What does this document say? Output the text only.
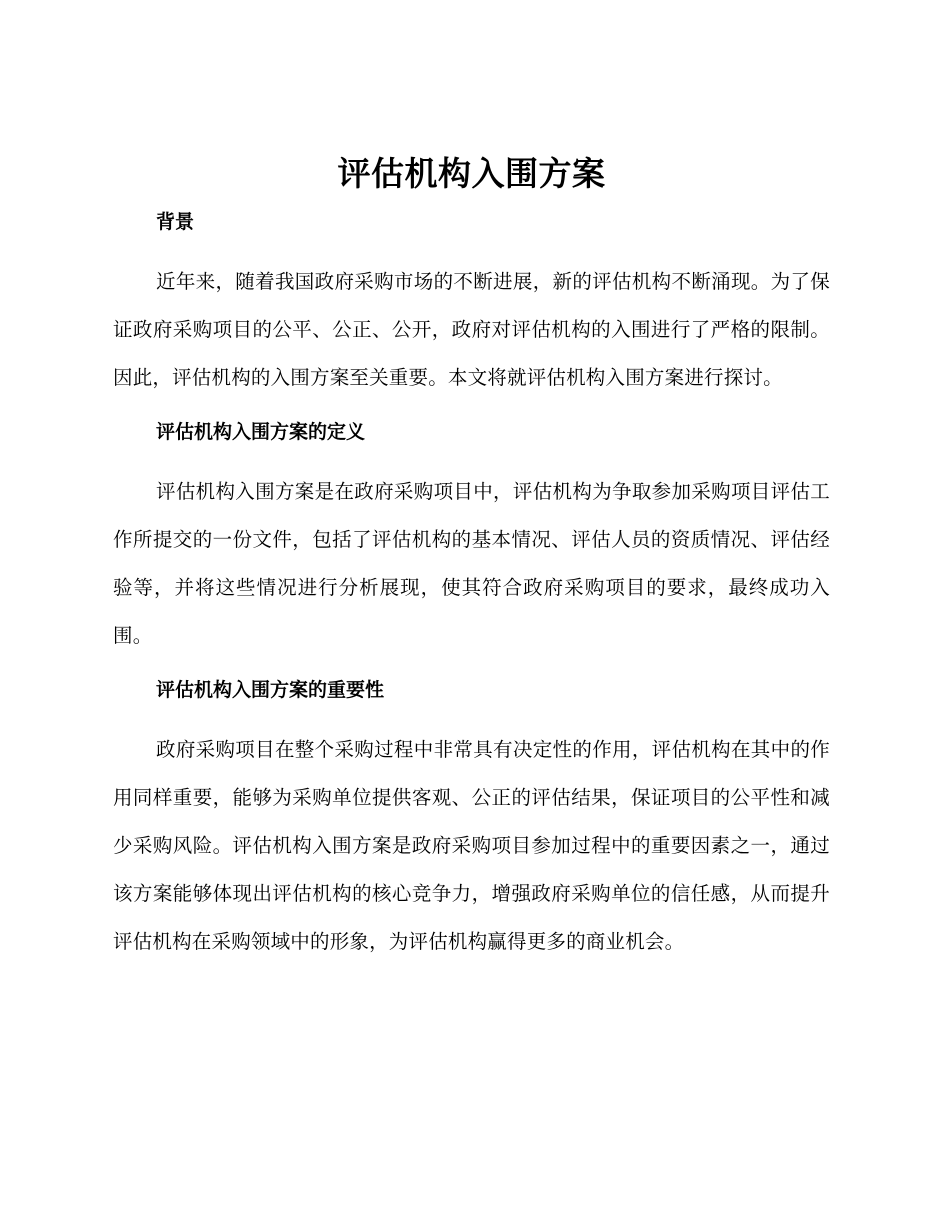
评估机构入围方案
背景

近年来，随着我国政府采购市场的不断进展，新的评估机构不断涌现。为了保证政府采购项目的公平、公正、公开，政府对评估机构的入围进行了严格的限制。因此，评估机构的入围方案至关重要。本文将就评估机构入围方案进行探讨。

评估机构入围方案的定义

评估机构入围方案是在政府采购项目中，评估机构为争取参加采购项目评估工作所提交的一份文件，包括了评估机构的基本情况、评估人员的资质情况、评估经验等，并将这些情况进行分析展现，使其符合政府采购项目的要求，最终成功入围。

评估机构入围方案的重要性

政府采购项目在整个采购过程中非常具有决定性的作用，评估机构在其中的作用同样重要，能够为采购单位提供客观、公正的评估结果，保证项目的公平性和减少采购风险。评估机构入围方案是政府采购项目参加过程中的重要因素之一，通过该方案能够体现出评估机构的核心竞争力，增强政府采购单位的信任感，从而提升评估机构在采购领域中的形象，为评估机构赢得更多的商业机会。
